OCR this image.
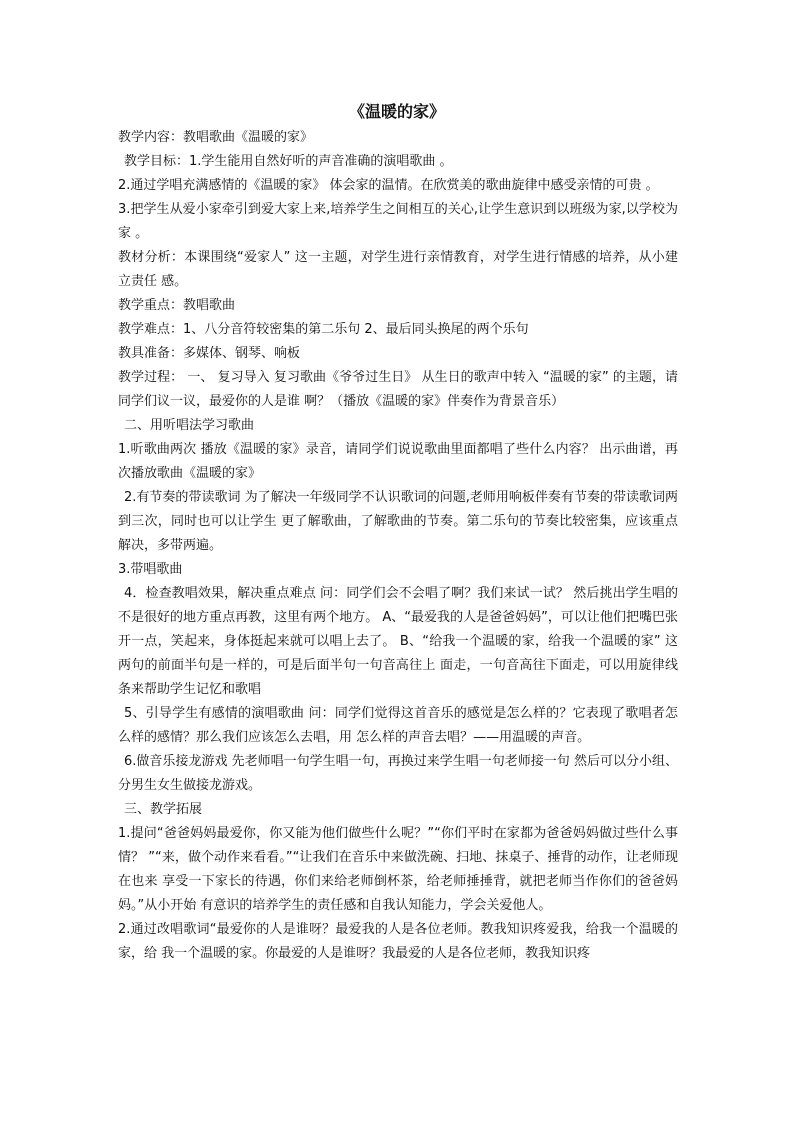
《温暖的家》

教学内容：教唱歌曲《温暖的家》

教学目标：1.学生能用自然好听的声音准确的演唱歌曲 。

2.通过学唱充满感情的《温暖的家》 体会家的温情。在欣赏美的歌曲旋律中感受亲情的可贵 。

3.把学生从爱小家牵引到爱大家上来,培养学生之间相互的关心,让学生意识到以班级为家,以学校为家 。

教材分析：本课围绕“爱家人” 这一主题，对学生进行亲情教育，对学生进行情感的培养，从小建 立责任 感。

教学重点：教唱歌曲

教学难点：1、八分音符较密集的第二乐句 2、最后同头换尾的两个乐句

教具准备：多媒体、钢琴、响板

教学过程： 一、 复习导入 复习歌曲《爷爷过生日》 从生日的歌声中转入 “温暖的家” 的主题，请同学们议一议，最爱你的人是谁 啊？（播放《温暖的家》伴奏作为背景音乐）

二、用听唱法学习歌曲

1.听歌曲两次 播放《温暖的家》录音，请同学们说说歌曲里面都唱了些什么内容？ 出示曲谱，再次播放歌曲《温暖的家》

2.有节奏的带读歌词 为了解决一年级同学不认识歌词的问题,老师用响板伴奏有节奏的带读歌词两到三次，同时也可以让学生 更了解歌曲，了解歌曲的节奏。第二乐句的节奏比较密集，应该重点解决，多带两遍。

3.带唱歌曲

4．检查教唱效果，解决重点难点 问：同学们会不会唱了啊？我们来试一试？ 然后挑出学生唱的不是很好的地方重点再教，这里有两个地方。 A、“最爱我的人是爸爸妈妈”，可以让他们把嘴巴张开一点，笑起来，身体挺起来就可以唱上去了。 B、“给我一个温暖的家，给我一个温暖的家” 这两句的前面半句是一样的，可是后面半句一句音高往上 面走，一句音高往下面走，可以用旋律线条来帮助学生记忆和歌唱

5、引导学生有感情的演唱歌曲 问：同学们觉得这首音乐的感觉是怎么样的？它表现了歌唱者怎么样的感情？那么我们应该怎么去唱，用 怎么样的声音去唱？——用温暖的声音。

6.做音乐接龙游戏 先老师唱一句学生唱一句，再换过来学生唱一句老师接一句 然后可以分小组、分男生女生做接龙游戏。

三、教学拓展

1.提问“爸爸妈妈最爱你，你又能为他们做些什么呢？”“你们平时在家都为爸爸妈妈做过些什么事情？ ”“来，做个动作来看看。”“让我们在音乐中来做洗碗、扫地、抹桌子、捶背的动作，让老师现在也来 享受一下家长的待遇，你们来给老师倒杯茶，给老师捶捶背，就把老师当作你们的爸爸妈妈。”从小开始 有意识的培养学生的责任感和自我认知能力，学会关爱他人。

2.通过改唱歌词“最爱你的人是谁呀？最爱我的人是各位老师。教我知识疼爱我，给我一个温暖的家，给 我一个温暖的家。你最爱的人是谁呀？我最爱的人是各位老师，教我知识疼
